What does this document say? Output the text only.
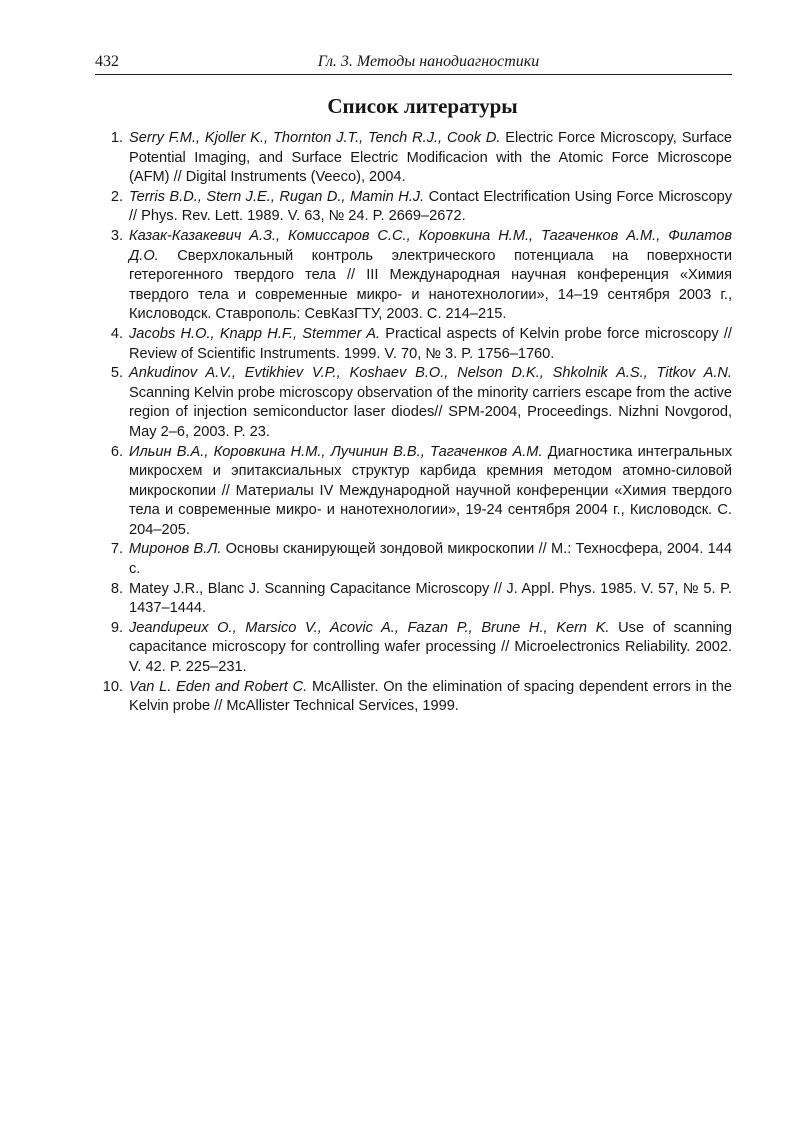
432	Гл. 3. Методы нанодиагностики
Список литературы
1. Serry F.M., Kjoller K., Thornton J.T., Tench R.J., Cook D. Electric Force Microscopy, Surface Potential Imaging, and Surface Electric Modificacion with the Atomic Force Microscope (AFM) // Digital Instruments (Veeco), 2004.
2. Terris B.D., Stern J.E., Rugan D., Mamin H.J. Contact Electrification Using Force Microscopy // Phys. Rev. Lett. 1989. V. 63, № 24. P. 2669–2672.
3. Казак-Казакевич А.З., Комиссаров С.С., Коровкина Н.М., Тагаченков А.М., Филатов Д.О. Сверхлокальный контроль электрического потенциала на поверхности гетерогенного твердого тела // III Международная научная конференция «Химия твердого тела и современные микро- и нанотехнологии», 14–19 сентября 2003 г., Кисловодск. Ставрополь: СевКазГТУ, 2003. С. 214–215.
4. Jacobs H.O., Knapp H.F., Stemmer A. Practical aspects of Kelvin probe force microscopy // Review of Scientific Instruments. 1999. V. 70, № 3. P. 1756–1760.
5. Ankudinov A.V., Evtikhiev V.P., Koshaev B.O., Nelson D.K., Shkolnik A.S., Titkov A.N. Scanning Kelvin probe microscopy observation of the minority carriers escape from the active region of injection semiconductor laser diodes// SPM-2004, Proceedings. Nizhni Novgorod, May 2–6, 2003. P. 23.
6. Ильин В.А., Коровкина Н.М., Лучинин В.В., Тагаченков А.М. Диагностика интегральных микросхем и эпитаксиальных структур карбида кремния методом атомно-силовой микроскопии // Материалы IV Международной научной конференции «Химия твердого тела и современные микро- и нанотехнологии», 19-24 сентября 2004 г., Кисловодск. С. 204–205.
7. Миронов В.Л. Основы сканирующей зондовой микроскопии // М.: Техносфера, 2004. 144 с.
8. Matey J.R., Blanc J. Scanning Capacitance Microscopy // J. Appl. Phys. 1985. V. 57, № 5. P. 1437–1444.
9. Jeandupeux O., Marsico V., Acovic A., Fazan P., Brune H., Kern K. Use of scanning capacitance microscopy for controlling wafer processing // Microelectronics Reliability. 2002. V. 42. P. 225–231.
10. Van L. Eden and Robert C. McAllister. On the elimination of spacing dependent errors in the Kelvin probe // McAllister Technical Services, 1999.
